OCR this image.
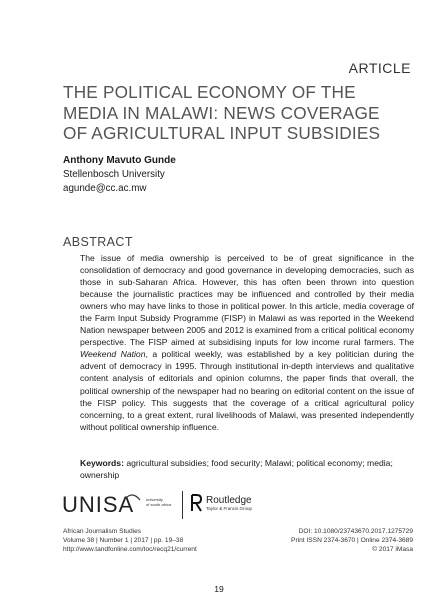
ARTICLE
THE POLITICAL ECONOMY OF THE
MEDIA IN MALAWI: NEWS COVERAGE
OF AGRICULTURAL INPUT SUBSIDIES
Anthony Mavuto Gunde
Stellenbosch University
agunde@cc.ac.mw
ABSTRACT
The issue of media ownership is perceived to be of great significance in the consolidation of democracy and good governance in developing democracies, such as those in sub-Saharan Africa. However, this has often been thrown into question because the journalistic practices may be influenced and controlled by their media owners who may have links to those in political power. In this article, media coverage of the Farm Input Subsidy Programme (FISP) in Malawi as was reported in the Weekend Nation newspaper between 2005 and 2012 is examined from a critical political economy perspective. The FISP aimed at subsidising inputs for low income rural farmers. The Weekend Nation, a political weekly, was established by a key politician during the advent of democracy in 1995. Through institutional in-depth interviews and qualitative content analysis of editorials and opinion columns, the paper finds that overall, the political ownership of the newspaper had no bearing on editorial content on the issue of the FISP policy. This suggests that the coverage of a critical agricultural policy concerning, to a great extent, rural livelihoods of Malawi, was presented independently without political ownership influence.
Keywords: agricultural subsidies; food security; Malawi; political economy; media; ownership
UNISA	university
of south africa	Routledge
Taylor & Francis Group
African Journalism Studies
Volume 38 | Number 1 | 2017 | pp. 19–38
http://www.tandfonline.com/toc/recq21/current
DOI: 10.1080/23743670.2017.1275729
Print ISSN 2374-3670 | Online 2374-3689
© 2017 iMasa
19
